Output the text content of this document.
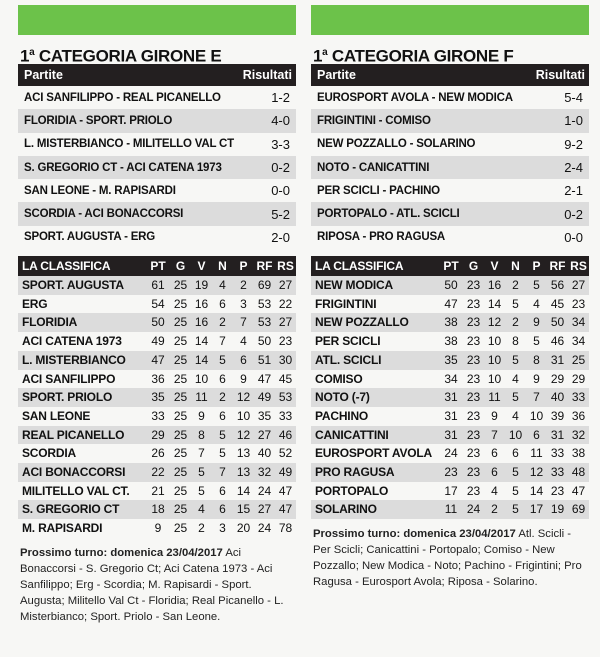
1$^a$ CATEGORIA GIRONE E
Partite	Risultati
ACI SANFILIPPO - REAL PICANELLO	1-2
FLORIDIA - SPORT. PRIOLO	4-0
L. MISTERBIANCO - MILITELLO VAL CT	3-3
S. GREGORIO CT - ACI CATENA 1973	0-2
SAN LEONE - M. RAPISARDI	0-0
SCORDIA - ACI BONACCORSI	5-2
SPORT. AUGUSTA - ERG	2-0
LA CLASSIFICA	PT G	V	N	P RF RS
SPORT. AUGUSTA	61 25 19 4	2 69 27
ERG	54 25 16 6	3 53 22
FLORIDIA	50 25 16 2	7 53 27
ACI CATENA 1973	49 25 14 7	4 50 23
L. MISTERBIANCO	47 25 14 5	6 51 30
ACI SANFILIPPO	36 25 10 6	9 47 45
SPORT. PRIOLO	35 25 11 2 12 49 53
SAN LEONE	33 25 9	6 10 35 33
REAL PICANELLO	29 25 8	5 12 27 46
SCORDIA	26 25 7	5 13 40 52
ACI BONACCORSI	22 25 5	7 13 32 49
MILITELLO VAL CT.	21 25 5	6 14 24 47
S. GREGORIO CT	18 25 4	6 15 27 47
M. RAPISARDI	9	25 2	3 20 24 78
Prossimo turno: domenica 23/04/2017 Aci Bonaccorsi - S. Gregorio Ct; Aci Catena 1973 - Aci Sanfilippo; Erg - Scordia; M. Rapisardi - Sport. Augusta; Militello Val Ct - Floridia; Real Picanello - L. Misterbianco; Sport. Priolo - San Leone.
1$^a$ CATEGORIA GIRONE F
Partite	Risultati
EUROSPORT AVOLA - NEW MODICA	5-4
FRIGINTINI - COMISO	1-0
NEW POZZALLO - SOLARINO	9-2
NOTO - CANICATTINI	2-4
PER SCICLI - PACHINO	2-1
PORTOPALO - ATL. SCICLI	0-2
RIPOSA - PRO RAGUSA	0-0
LA CLASSIFICA	PT G	V	N	P RF RS
NEW MODICA	50 23 16 2	5 56 27
FRIGINTINI	47 23 14 5	4 45 23
NEW POZZALLO	38 23 12 2	9 50 34
PER SCICLI	38 23 10 8	5 46 34
ATL. SCICLI	35 23 10 5	8 31 25
COMISO	34 23 10 4	9 29 29
NOTO (-7)	31 23 11 5	7 40 33
PACHINO	31 23 9	4 10 39 36
CANICATTINI	31 23 7 10 6 31 32
EUROSPORT AVOLA	24 23 6	6 11 33 38
PRO RAGUSA	23 23 6	5 12 33 48
PORTOPALO	17 23 4	5 14 23 47
SOLARINO	11 24 2	5 17 19 69
Prossimo turno: domenica 23/04/2017 Atl. Scicli - Per Scicli; Canicattini - Portopalo; Comiso - New Pozzallo; New Modica - Noto; Pachino - Frigintini; Pro Ragusa - Eurosport Avola; Riposa - Solarino.
